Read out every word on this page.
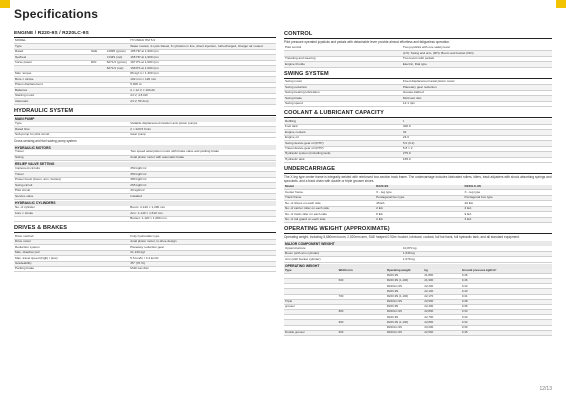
Specifications
ENGINE / R220-9S / R220LC-9S
MODEL			HYUNDAI HM 5.9
Type			Water cooled, 4 cycle Diesel, 6 cylinders in line, direct injection, turbocharged, charger air cooled
Rated	SAE	J1995 (gross)	185 HP at 1,900 rpm
flywheel		J1349 (net)	165 HP at 1,900 rpm
horse power	DIN	6271/1 (gross)	187 PS at 1,900 rpm
		6271/1 (net)	168 PS at 1,900 rpm
Max. torque			86 kgf·m / 1,300 rpm
Bore × stroke			102 mm × 120 mm
Piston displacement			5,900 cc
Batteries			2 × 12 V × 100 Ah
Starting motor			24 V, 4.8 kW
Alternator			24 V, 50 Amp
HYDRAULIC SYSTEM
MAIN PUMP
Type	Variable displacement tandem axis piston pumps
Rated flow	2 × 220.5 ℓ/min
Sub-pump for pilot circuit	Gear pump
Cross-sensing and fuel saving pump system
HYDRAULIC MOTORS
Travel	Two speed axial piston motor with brake valve and parking brake
Swing	Axial piston motor with automatic brake
RELIEF VALVE SETTING
Implement circuits	350 kgf/cm²
Travel	350 kgf/cm²
Power boost (boom, arm, bucket)	380 kgf/cm²
Swing circuit	265 kgf/cm²
Pilot circuit	40 kgf/cm²
Service valve	Installed
HYDRAULIC CYLINDERS
No. of cylinder	Boom: 2-120 × 1,290 mm
bore × stroke	Arm: 1-140 × 1,510 mm
	Bucket: 1-120 × 1,080 mm
DRIVES & BRAKES
Drive method	Fully hydrostatic type
Drive motor	Axial piston motor, in-shoe design
Reduction system	Planetary reduction gear
Max. drawbar pull	21,130 kgf
Max. travel speed (high) / (low)	5.5 km/hr / 3.4 km/hr
Gradeability	35° (70 %)
Parking brake	Multi wet disc
CONTROL
Pilot pressure operated joysticks and pedals with detachable lever provide almost effortless and fatigueless operation.
Pilot control	Two joysticks with one safety lever
	(LH): Swing and arm, (RH): Boom and bucket (ISO)
Traveling and steering	Two levers with pedals
Engine throttle	Electric, Dial type
SWING SYSTEM
Swing motor	Fixed displacement axial piston motor
Swing reduction	Planetary gear reduction
Swing bearing lubrication	Grease-bathed
Swing brake	Multi wet disc
Swing speed	12.1 rpm
COOLANT & LUBRICANT CAPACITY
Refilling	ℓ
Fuel tank	400.0
Engine coolant	32
Engine oil	24.0
Swing device-gear oil (DTP)	5.0 (0.2)
Travel device-gear oil (DTP)	5.8 × 2
Hydraulic system (including tank)	275.0
Hydraulic tank	165.0
UNDERCARRIAGE
The X-leg type center frame is integrally welded with reinforced box-section track frame. The undercarriage includes lubricated rollers, idlers, track adjusters with shock absorbing springs and sprockets, and a track chain with double or triple grouser shoes.
Model	R220-9S	R220LC-9S
Center frame	X - leg type	X - leg type
Track frame	Pentagonal box type	Pentagonal box type
No. of shoes on each side	46 EA	49 EA
No. of carrier roller on each side	2 EA	2 EA
No. of track roller on each side	8 EA	9 EA
No. of rail guard on each side	2 EA	3 EA
OPERATING WEIGHT (APPROXIMATE)
Operating weight, including 5,680mm boom, 2,920mm arm, SAE heaped 0.92m³ bucket, lubricant, coolant, full fuel tank, full hydraulic tank, and all standard equipment.
MAJOR COMPONENT WEIGHT
Upperstructure	10,870 kg
Boom (with arm cylinder)	1,530 kg
Arm (with bucket cylinder)	1,070 kg
OPERATING WEIGHT
Type	Width mm	Operating weight	kg	Ground pressure kgf/cm²
		R220-9S	21,800	0.46
	600	R220-9S (1,100)	21,900	0.46
		R220LC-9S	22,200	0.43
		R220-9S	22,100	0.40
	700	R220-9S (1,100)	22,170	0.41
Triple		R220LC-9S	22,500	0.38
grouser		R220-9S	22,400	0.36
	800	R220LC-9S	22,800	0.33
		R220-9S	22,700	0.32
	900	R220-9S (1,100)	22,800	0.32
		R220LC-9S	23,200	0.30
Double grouser	600	R220LC-9S	22,500	0.45
12/13
